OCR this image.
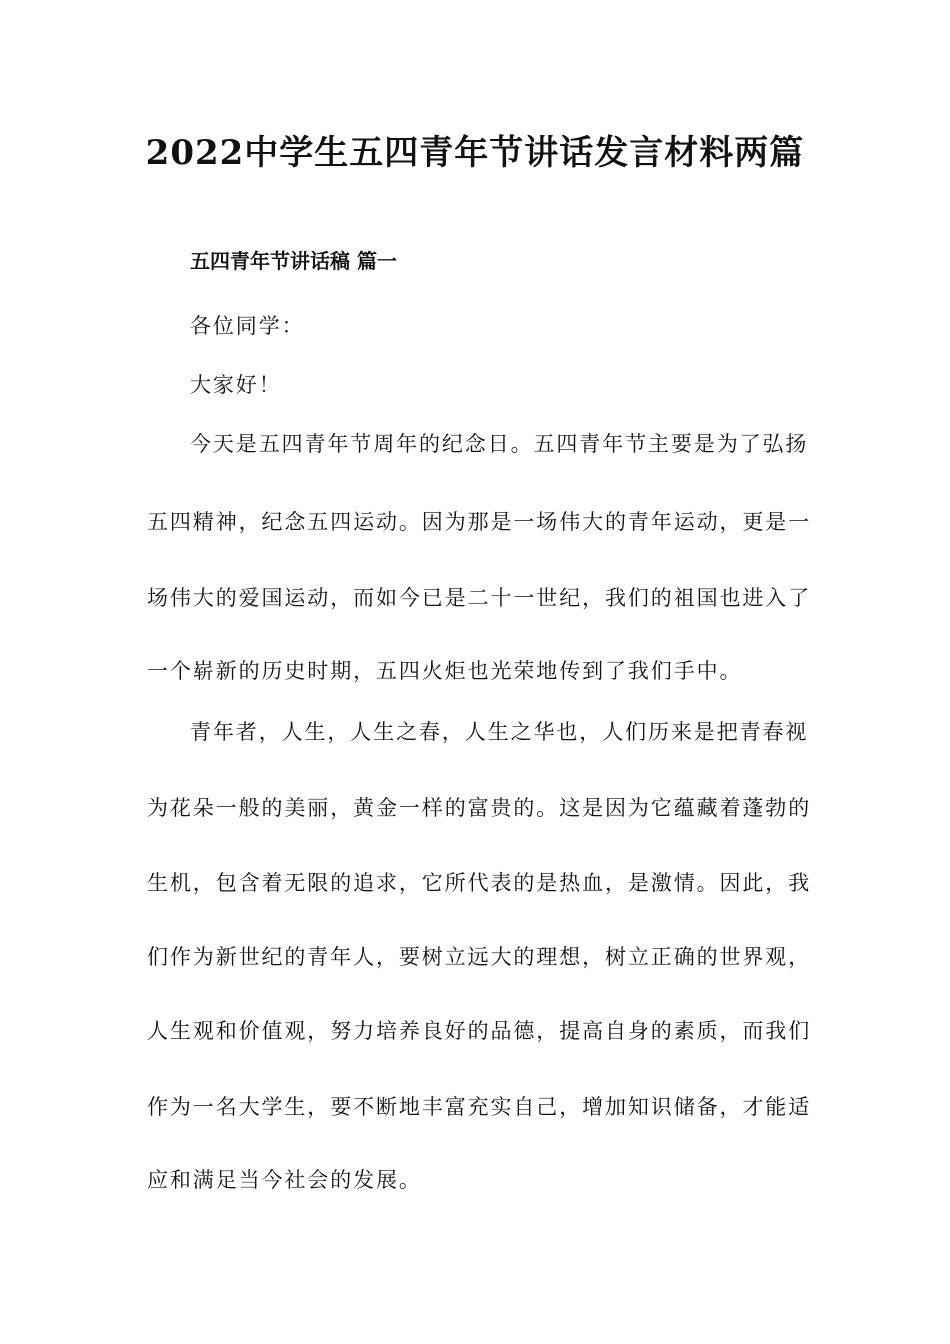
2022中学生五四青年节讲话发言材料两篇
五四青年节讲话稿 篇一

各位同学：

大家好！

今天是五四青年节周年的纪念日。五四青年节主要是为了弘扬

五四精神，纪念五四运动。因为那是一场伟大的青年运动，更是一

场伟大的爱国运动，而如今已是二十一世纪，我们的祖国也进入了

一个崭新的历史时期，五四火炬也光荣地传到了我们手中。

青年者，人生，人生之春，人生之华也，人们历来是把青春视

为花朵一般的美丽，黄金一样的富贵的。这是因为它蕴藏着蓬勃的

生机，包含着无限的追求，它所代表的是热血，是激情。因此，我

们作为新世纪的青年人，要树立远大的理想，树立正确的世界观，

人生观和价值观，努力培养良好的品德，提高自身的素质，而我们

作为一名大学生，要不断地丰富充实自己，增加知识储备，才能适

应和满足当今社会的发展。
